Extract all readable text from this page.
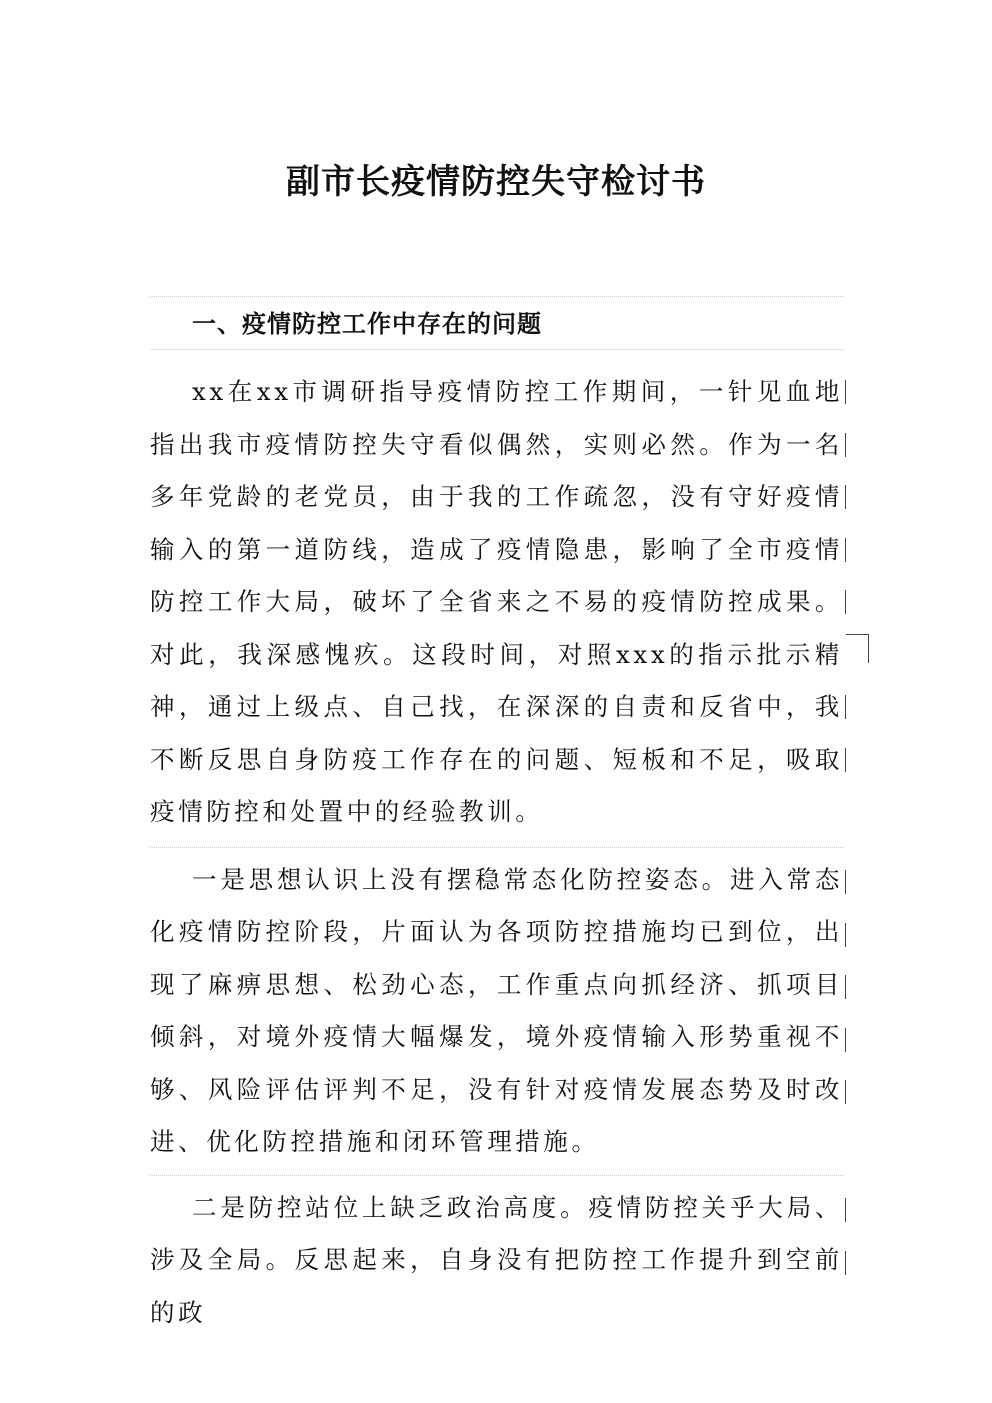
副市长疫情防控失守检讨书
一、疫情防控工作中存在的问题

xx在xx市调研指导疫情防控工作期间，一针见血地指出我市疫情防控失守看似偶然，实则必然。作为一名多年党龄的老党员，由于我的工作疏忽，没有守好疫情输入的第一道防线，造成了疫情隐患，影响了全市疫情防控工作大局，破坏了全省来之不易的疫情防控成果。对此，我深感愧疚。这段时间，对照xxx的指示批示精神，通过上级点、自己找，在深深的自责和反省中，我不断反思自身防疫工作存在的问题、短板和不足，吸取疫情防控和处置中的经验教训。

一是思想认识上没有摆稳常态化防控姿态。进入常态化疫情防控阶段，片面认为各项防控措施均已到位，出现了麻痹思想、松劲心态，工作重点向抓经济、抓项目倾斜，对境外疫情大幅爆发，境外疫情输入形势重视不够、风险评估评判不足，没有针对疫情发展态势及时改进、优化防控措施和闭环管理措施。

二是防控站位上缺乏政治高度。疫情防控关乎大局、涉及全局。反思起来，自身没有把防控工作提升到空前的政
